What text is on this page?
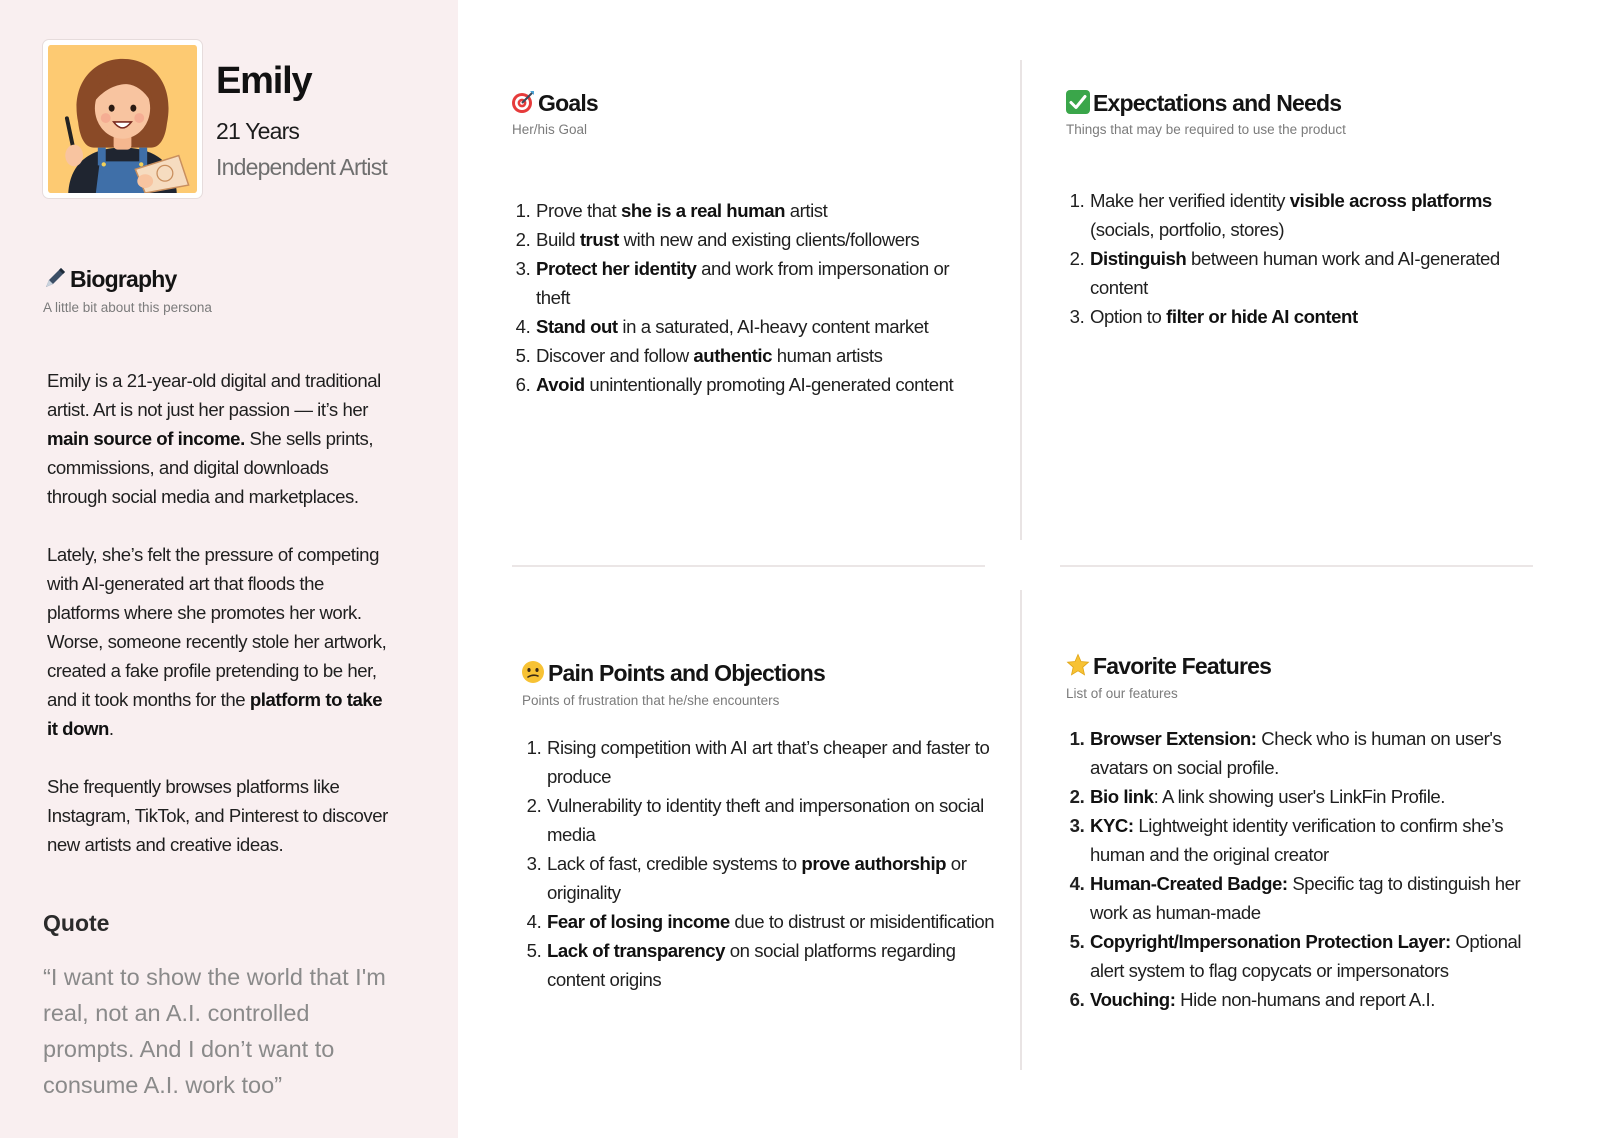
Emily
21 Years
Independent Artist
Biography
A little bit about this persona

Emily is a 21-year-old digital and traditional artist. Art is not just her passion — it’s her main source of income. She sells prints, commissions, and digital downloads through social media and marketplaces.

Lately, she’s felt the pressure of competing with AI-generated art that floods the platforms where she promotes her work. Worse, someone recently stole her artwork, created a fake profile pretending to be her, and it took months for the platform to take it down.

She frequently browses platforms like Instagram, TikTok, and Pinterest to discover new artists and creative ideas.

Quote
“I want to show the world that I'm real, not an A.I. controlled prompts. And I don’t want to consume A.I. work too”
Goals
Her/his Goal
1. Prove that she is a real human artist
2. Build trust with new and existing clients/followers
3. Protect her identity and work from impersonation or theft
4. Stand out in a saturated, AI-heavy content market
5. Discover and follow authentic human artists
6. Avoid unintentionally promoting AI-generated content
Expectations and Needs
Things that may be required to use the product
1. Make her verified identity visible across platforms (socials, portfolio, stores)
2. Distinguish between human work and AI-generated content
3. Option to filter or hide AI content
Pain Points and Objections
Points of frustration that he/she encounters
1. Rising competition with AI art that’s cheaper and faster to produce
2. Vulnerability to identity theft and impersonation on social media
3. Lack of fast, credible systems to prove authorship or originality
4. Fear of losing income due to distrust or misidentification
5. Lack of transparency on social platforms regarding content origins
Favorite Features
List of our features
1. Browser Extension: Check who is human on user's avatars on social profile.
2. Bio link: A link showing user's LinkFin Profile.
3. KYC: Lightweight identity verification to confirm she’s human and the original creator
4. Human-Created Badge: Specific tag to distinguish her work as human-made
5. Copyright/Impersonation Protection Layer: Optional alert system to flag copycats or impersonators
6. Vouching: Hide non-humans and report A.I.
